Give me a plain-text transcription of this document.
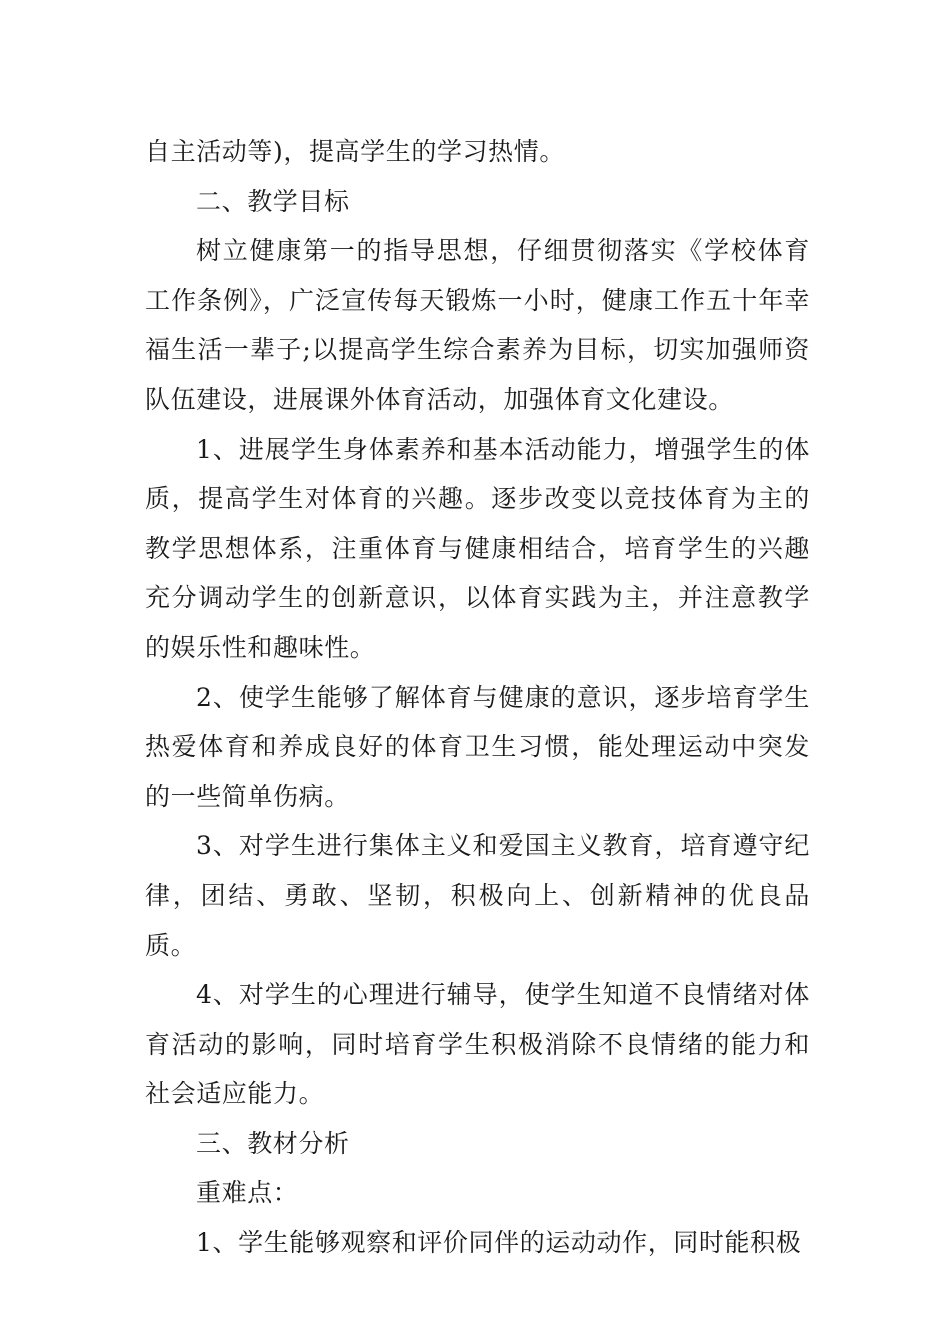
自主活动等)，提高学生的学习热情。

二、教学目标

树立健康第一的指导思想，仔细贯彻落实《学校体育工作条例》，广泛宣传每天锻炼一小时，健康工作五十年幸福生活一辈子;以提高学生综合素养为目标，切实加强师资队伍建设，进展课外体育活动，加强体育文化建设。

1、进展学生身体素养和基本活动能力，增强学生的体质，提高学生对体育的兴趣。逐步改变以竞技体育为主的教学思想体系，注重体育与健康相结合，培育学生的兴趣充分调动学生的创新意识，以体育实践为主，并注意教学的娱乐性和趣味性。

2、使学生能够了解体育与健康的意识，逐步培育学生热爱体育和养成良好的体育卫生习惯，能处理运动中突发的一些简单伤病。

3、对学生进行集体主义和爱国主义教育，培育遵守纪律，团结、勇敢、坚韧，积极向上、创新精神的优良品质。

4、对学生的心理进行辅导，使学生知道不良情绪对体育活动的影响，同时培育学生积极消除不良情绪的能力和社会适应能力。

三、教材分析

重难点：

1、学生能够观察和评价同伴的运动动作，同时能积极
